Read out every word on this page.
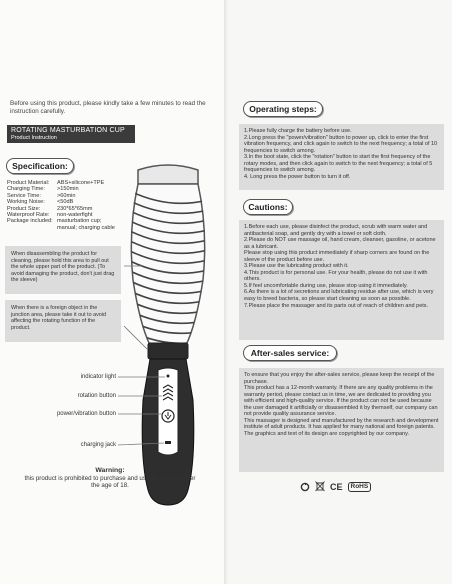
Before using this product, please kindly take a few minutes to read the instruction carefully.
ROTATING MASTURBATION CUP
Product Instruction
Specification:
Product Material:	ABS+silicone+TPE
Charging Time:	>150min
Service Time:	>60min
Working Noise:	<50dB
Product Size:	230*65*65mm
Waterproof Rate:	non-waterfight
Package included: masturbation cup;
manual; charging cable
When disassembling the product for cleaning, please hold this area to pull out the whole upper part of the product. (To avoid damaging the product, don't just drag the sleeve)
When there is a foreign object in the junction area, please take it out to avoid affecting the rotating function of the product.
indicator light
rotation button
power/vibration button
charging jack
Warning:
this product is prohibited to purchase and use by miners under the age of 18.
Operating steps:

1.Please fully charge the battery before use.

2.Long press the "power/vibration" button to power up, click to enter the first vibration frequency, and click again to switch to the next frequency; a total of 10 frequencies to switch among.

3.In the boot state, click the "rotation" button to start the first frequency of the rotary modes, and then click again to switch to the next frequency; a total of 5 frequencies to switch among.

4. Long press the power button to turn it off.

Cautions:

1.Before each use, please disinfect the product, scrub with warm water and antibacterial soap, and gently dry with a towel or soft cloth.

2.Please do NOT use massage oil, hand cream, cleanser, gasoline, or acetone as a lubricant.

Please stop using this product immediately if sharp corners are found on the sleeve of the product before use.

3.Please use the lubricating product with it.

4.This product is for personal use. For your health, please do not use it with others.

5.If feel uncomfortable during use, please stop using it immediately.

6.As there is a lot of secretions and lubricating residue after use, which is very easy to breed bacteria, so please start cleaning as soon as possible.

7.Please place the massager and its parts out of reach of children and pets.

After-sales service:

To ensure that you enjoy the after-sales service, please keep the receipt of the purchase.

This product has a 12-month warranty. If there are any quality problems in the warranty period, please contact us in time, we are dedicated to providing you with efficient and high-quality service. If the product can not be used because the user damaged it artificially or disassembled it by themself, our company can not provide quality assurance service.

This massager is designed and manufactured by the research and development institute of adult products. It has applied for many national and foreign patents. The graphics and text of its design are copyrighted by our company.

CE	RoHS
